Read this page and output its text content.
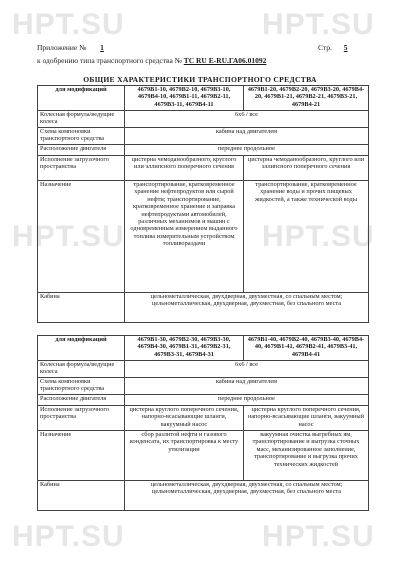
HPT.SU	HPT.SU
HPT.SU	HPT.SU
HPT.SU	HPT.SU
Приложение № 1	Стр. 5
к одобрению типа транспортного средства № TC RU E-RU.ГА06.01092
ОБЩИЕ ХАРАКТЕРИСТИКИ ТРАНСПОРТНОГО СРЕДСТВА
для модификаций	4679В1-10, 4679В2-10, 4679В3-10, 4679В4-10, 4679В1-11, 4679В2-11, 4679В3-11, 4679В4-11	4679В1-20, 4679В2-20, 4679В3-20, 4679В4-20, 4679В1-21, 4679В2-21, 4679В3-21, 4679В4-21
Колесная формула/ведущие колеса	6х6 / все	
Схема компоновки транспортного средства	кабина над двигателем	
Расположение двигателя	переднее продольное	
Исполнение загрузочного пространства	цистерна чемоданообразного, круглого или эллипсного поперечного сечения	цистерна чемоданообразного, круглого или эллипсного поперечного сечения
Назначение	транспортирование, кратковременное хранение нефтепродуктов или сырой нефти; транспортирование, кратковременное хранение и заправка нефтепродуктами автомобилей, различных механизмов и машин с одновременным измерением выданного топлива измерительным устройством топливораздачи	транспортирование, кратковременное хранение воды и прочих пищевых жидкостей, а также технической воды
Кабина	цельнометаллическая, двухдверная, двухместная, со спальным местом;
цельнометаллическая, двухдверная, двухместная, без спального места	
для модификаций	4679В1-30, 4679В2-30, 4679В3-30, 4679В4-30, 4679В1-31, 4679В2-31, 4679В3-31, 4679В4-31	4679В1-40, 4679В2-40, 4679В3-40, 4679В4-40, 4679В1-41, 4679В2-41, 4679В3-41, 4679В4-41
Колесная формула/ведущие колеса	6х6 / все	
Схема компоновки транспортного средства	кабина над двигателем	
Расположение двигателя	переднее продольное	
Исполнение загрузочного пространства	цистерна круглого поперечного сечения, напорно-всасывающие шланги, вакуумный насос	цистерна круглого поперечного сечения, напорно-всасывающие шланги, вакуумный насос
Назначение	сбор разлитой нефти и газового конденсата, их транспортировка к месту утилизации	вакуумная очистка выгребных ям, транспортирование и выгрузка сточных масс, механизированное заполнение, транспортирование и выгрузка прочих технических жидкостей
Кабина	цельнометаллическая, двухдверная, двухместная, со спальным местом;
цельнометаллическая, двухдверная, двухместная, без спального места	
